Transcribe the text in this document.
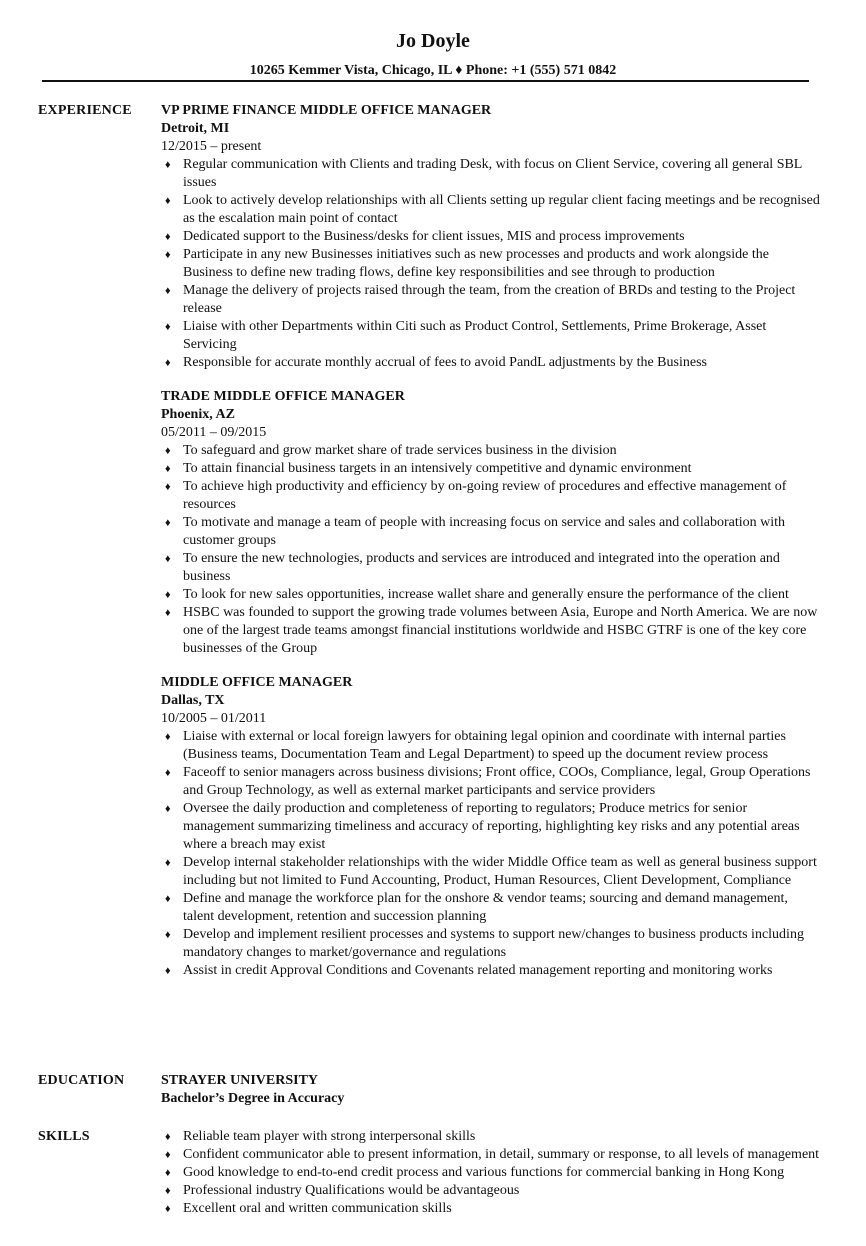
Jo Doyle
10265 Kemmer Vista, Chicago, IL ♦ Phone: +1 (555) 571 0842
EXPERIENCE VP PRIME FINANCE MIDDLE OFFICE MANAGER
Detroit, MI
12/2015 – present
♦ Regular communication with Clients and trading Desk, with focus on Client Service, covering all general SBL issues
♦ Look to actively develop relationships with all Clients setting up regular client facing meetings and be recognised as the escalation main point of contact
♦ Dedicated support to the Business/desks for client issues, MIS and process improvements
♦ Participate in any new Businesses initiatives such as new processes and products and work alongside the Business to define new trading flows, define key responsibilities and see through to production
♦ Manage the delivery of projects raised through the team, from the creation of BRDs and testing to the Project release
♦ Liaise with other Departments within Citi such as Product Control, Settlements, Prime Brokerage, Asset Servicing
♦ Responsible for accurate monthly accrual of fees to avoid PandL adjustments by the Business
TRADE MIDDLE OFFICE MANAGER
Phoenix, AZ
05/2011 – 09/2015
♦ To safeguard and grow market share of trade services business in the division
♦ To attain financial business targets in an intensively competitive and dynamic environment
♦ To achieve high productivity and efficiency by on-going review of procedures and effective management of resources
♦ To motivate and manage a team of people with increasing focus on service and sales and collaboration with customer groups
♦ To ensure the new technologies, products and services are introduced and integrated into the operation and business
♦ To look for new sales opportunities, increase wallet share and generally ensure the performance of the client
♦ HSBC was founded to support the growing trade volumes between Asia, Europe and North America. We are now one of the largest trade teams amongst financial institutions worldwide and HSBC GTRF is one of the key core businesses of the Group
MIDDLE OFFICE MANAGER
Dallas, TX
10/2005 – 01/2011
♦ Liaise with external or local foreign lawyers for obtaining legal opinion and coordinate with internal parties (Business teams, Documentation Team and Legal Department) to speed up the document review process
♦ Faceoff to senior managers across business divisions; Front office, COOs, Compliance, legal, Group Operations and Group Technology, as well as external market participants and service providers
♦ Oversee the daily production and completeness of reporting to regulators; Produce metrics for senior management summarizing timeliness and accuracy of reporting, highlighting key risks and any potential areas where a breach may exist
♦ Develop internal stakeholder relationships with the wider Middle Office team as well as general business support including but not limited to Fund Accounting, Product, Human Resources, Client Development, Compliance
♦ Define and manage the workforce plan for the onshore & vendor teams; sourcing and demand management, talent development, retention and succession planning
♦ Develop and implement resilient processes and systems to support new/changes to business products including mandatory changes to market/governance and regulations
♦ Assist in credit Approval Conditions and Covenants related management reporting and monitoring works
EDUCATION	STRAYER UNIVERSITY
Bachelor’s Degree in Accuracy
SKILLS
♦	Reliable team player with strong interpersonal skills
♦ Confident communicator able to present information, in detail, summary or response, to all levels of management
♦ Good knowledge to end-to-end credit process and various functions for commercial banking in Hong Kong
♦ Professional industry Qualifications would be advantageous
♦ Excellent oral and written communication skills
